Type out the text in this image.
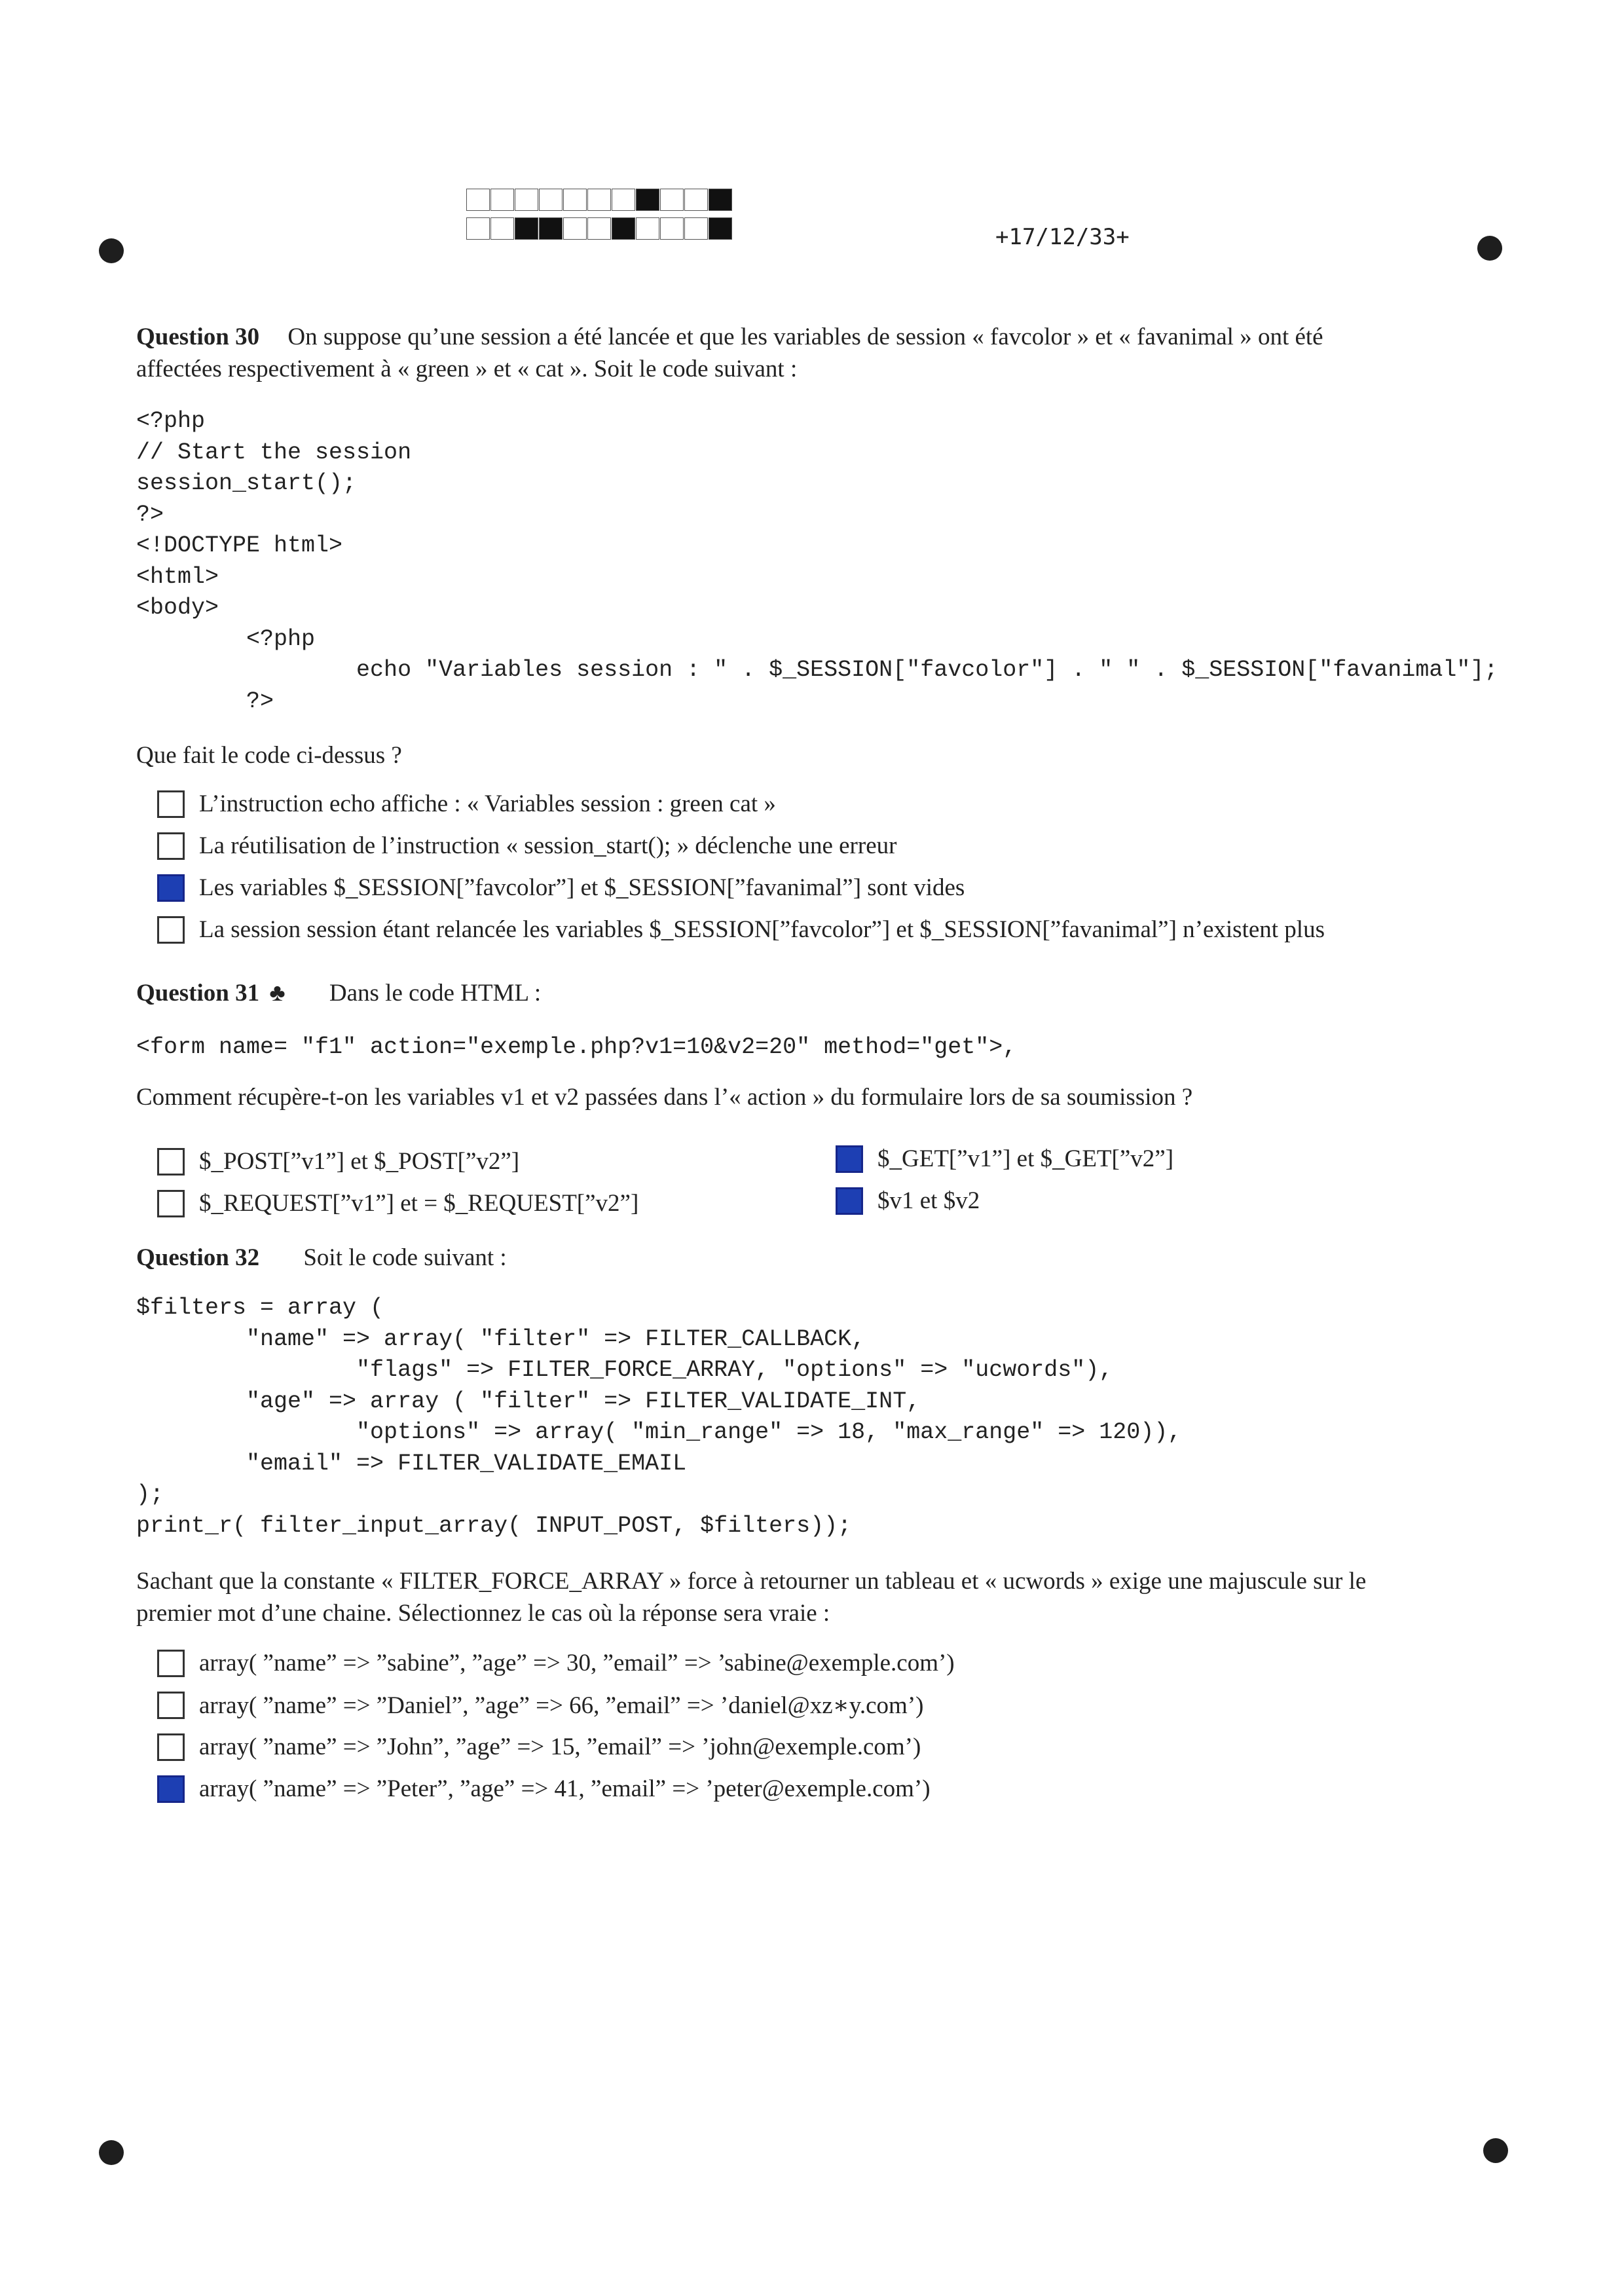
+17/12/33+
Question 30 On suppose qu’une session a été lancée et que les variables de session « favcolor » et « favanimal » ont été
affectées respectivement à « green » et « cat ». Soit le code suivant :
<?php
// Start the session
session_start();
?>
<!DOCTYPE html>
<html>
<body>
<?php
echo "Variables session : " . $_SESSION["favcolor"] . " " . $_SESSION["favanimal"];
?>
Que fait le code ci-dessus ?
L’instruction echo affiche : « Variables session : green cat »
La réutilisation de l’instruction « session_start(); » déclenche une erreur
Les variables $_SESSION[”favcolor”] et $_SESSION[”favanimal”] sont vides
La session session étant relancée les variables $_SESSION[”favcolor”] et $_SESSION[”favanimal”] n’existent plus
Question 31 ♣ Dans le code HTML :
<form name= "f1" action="exemple.php?v1=10&v2=20" method="get">,
Comment récupère-t-on les variables v1 et v2 passées dans l’« action » du formulaire lors de sa soumission ?
$_POST[”v1”] et $_POST[”v2”]	$_GET[”v1”] et $_GET[”v2”]
$_REQUEST[”v1”] et = $_REQUEST[”v2”]	$v1 et $v2
Question 32 Soit le code suivant :
$filters = array (
"name" => array( "filter" => FILTER_CALLBACK,
"flags" => FILTER_FORCE_ARRAY, "options" => "ucwords"),
"age" => array ( "filter" => FILTER_VALIDATE_INT,
"options" => array( "min_range" => 18, "max_range" => 120)),
"email" => FILTER_VALIDATE_EMAIL
);
print_r( filter_input_array( INPUT_POST, $filters));
Sachant que la constante « FILTER_FORCE_ARRAY » force à retourner un tableau et « ucwords » exige une majuscule sur le
premier mot d’une chaine. Sélectionnez le cas où la réponse sera vraie :
array( ”name” => ”sabine”, ”age” => 30, ”email” => ’sabine@exemple.com’)
array( ”name” => ”Daniel”, ”age” => 66, ”email” => ’daniel@xz∗y.com’)
array( ”name” => ”John”, ”age” => 15, ”email” => ’john@exemple.com’)
array( ”name” => ”Peter”, ”age” => 41, ”email” => ’peter@exemple.com’)
